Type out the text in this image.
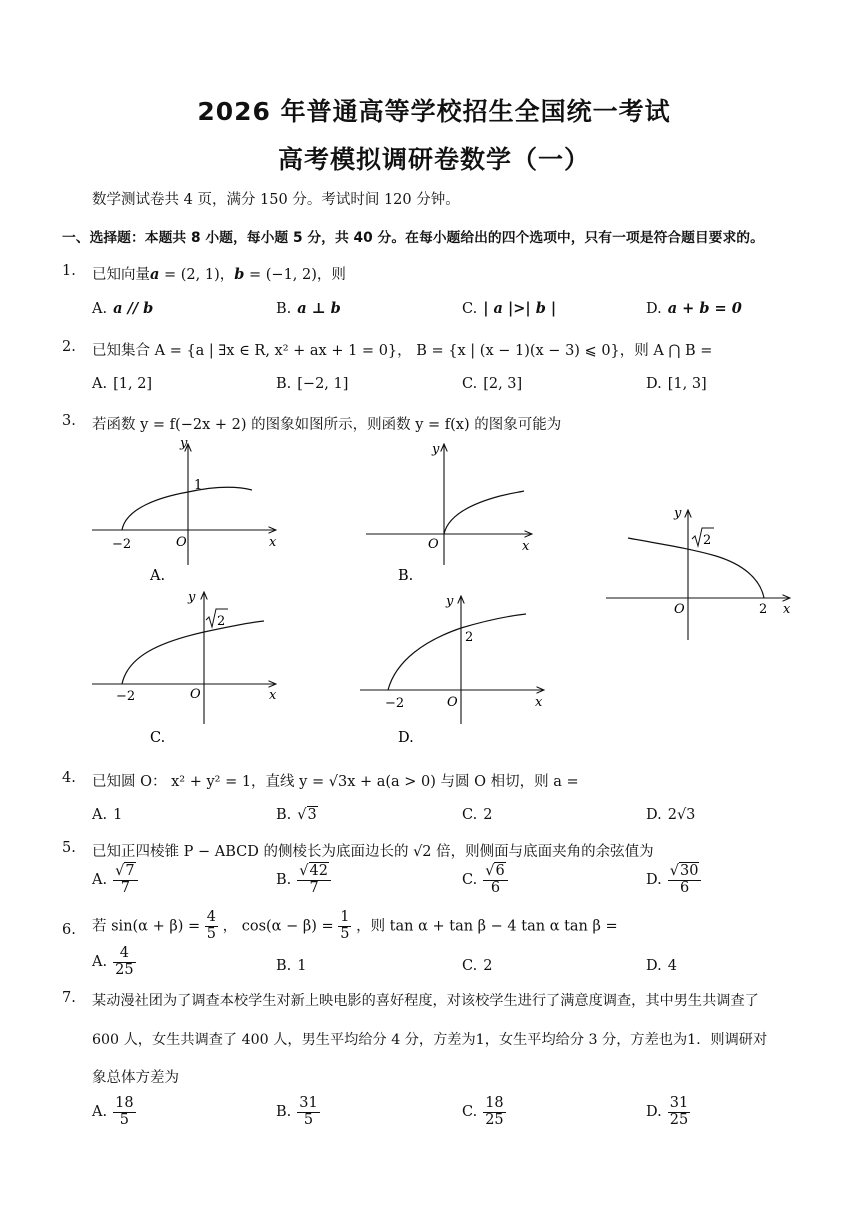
2026 年普通高等学校招生全国统一考试
高考模拟调研卷数学（一）
数学测试卷共 4 页，满分 150 分。考试时间 120 分钟。
一、选择题：本题共 8 小题，每小题 5 分，共 40 分。在每小题给出的四个选项中，只有一项是符合题目要求的。
1. 已知向量a = (2, 1)，b = (−1, 2)，则
A. a // b	B. a ⊥ b	C. | a |>| b |	D. a + b = 0
2. 已知集合 A = {a | ∃x ∈ R, x² + ax + 1 = 0}， B = {x | (x − 1)(x − 3) ⩽ 0}，则 A ⋂ B =
A. [1, 2]	B. [−2, 1]	C. [2, 3]	D. [1, 3]
3. 若函数 y = f(−2x + 2) 的图象如图所示，则函数 y = f(x) 的图象可能为
y
x
O
−2
1
A.
y
x
O
B.
y
x
O	2
2
y
x
O
−2
2
C.
y
x
O
−2
2
D.
4. 已知圆 O： x² + y² = 1，直线 y = √3x + a(a > 0) 与圆 O 相切，则 a =
A. 1	B. √3	C. 2	D. 2√3
5. 已知正四棱锥 P − ABCD 的侧棱长为底面边长的 √2 倍，则侧面与底面夹角的余弦值为
A. $\frac{√7}{7}$	B. $\frac{√42}{7}$	C. $\frac{√6}{6}$	D. $\frac{√30}{6}$
6. 若 $\sin(\alpha + \beta) = \frac{4}{5}$ ， $\cos(\alpha - \beta) = \frac{1}{5}$ ，则 tan α + tan β − 4 tan α tan β =
A. $\frac{4}{25}$	B. 1	C. 2	D. 4
7. 某动漫社团为了调查本校学生对新上映电影的喜好程度，对该校学生进行了满意度调查，其中男生共调查了
600 人，女生共调查了 400 人，男生平均给分 4 分，方差为1，女生平均给分 3 分，方差也为1．则调研对
象总体方差为
A. $\frac{18}{5}$	B. $\frac{31}{5}$	C. $\frac{18}{25}$	D. $\frac{31}{25}$
